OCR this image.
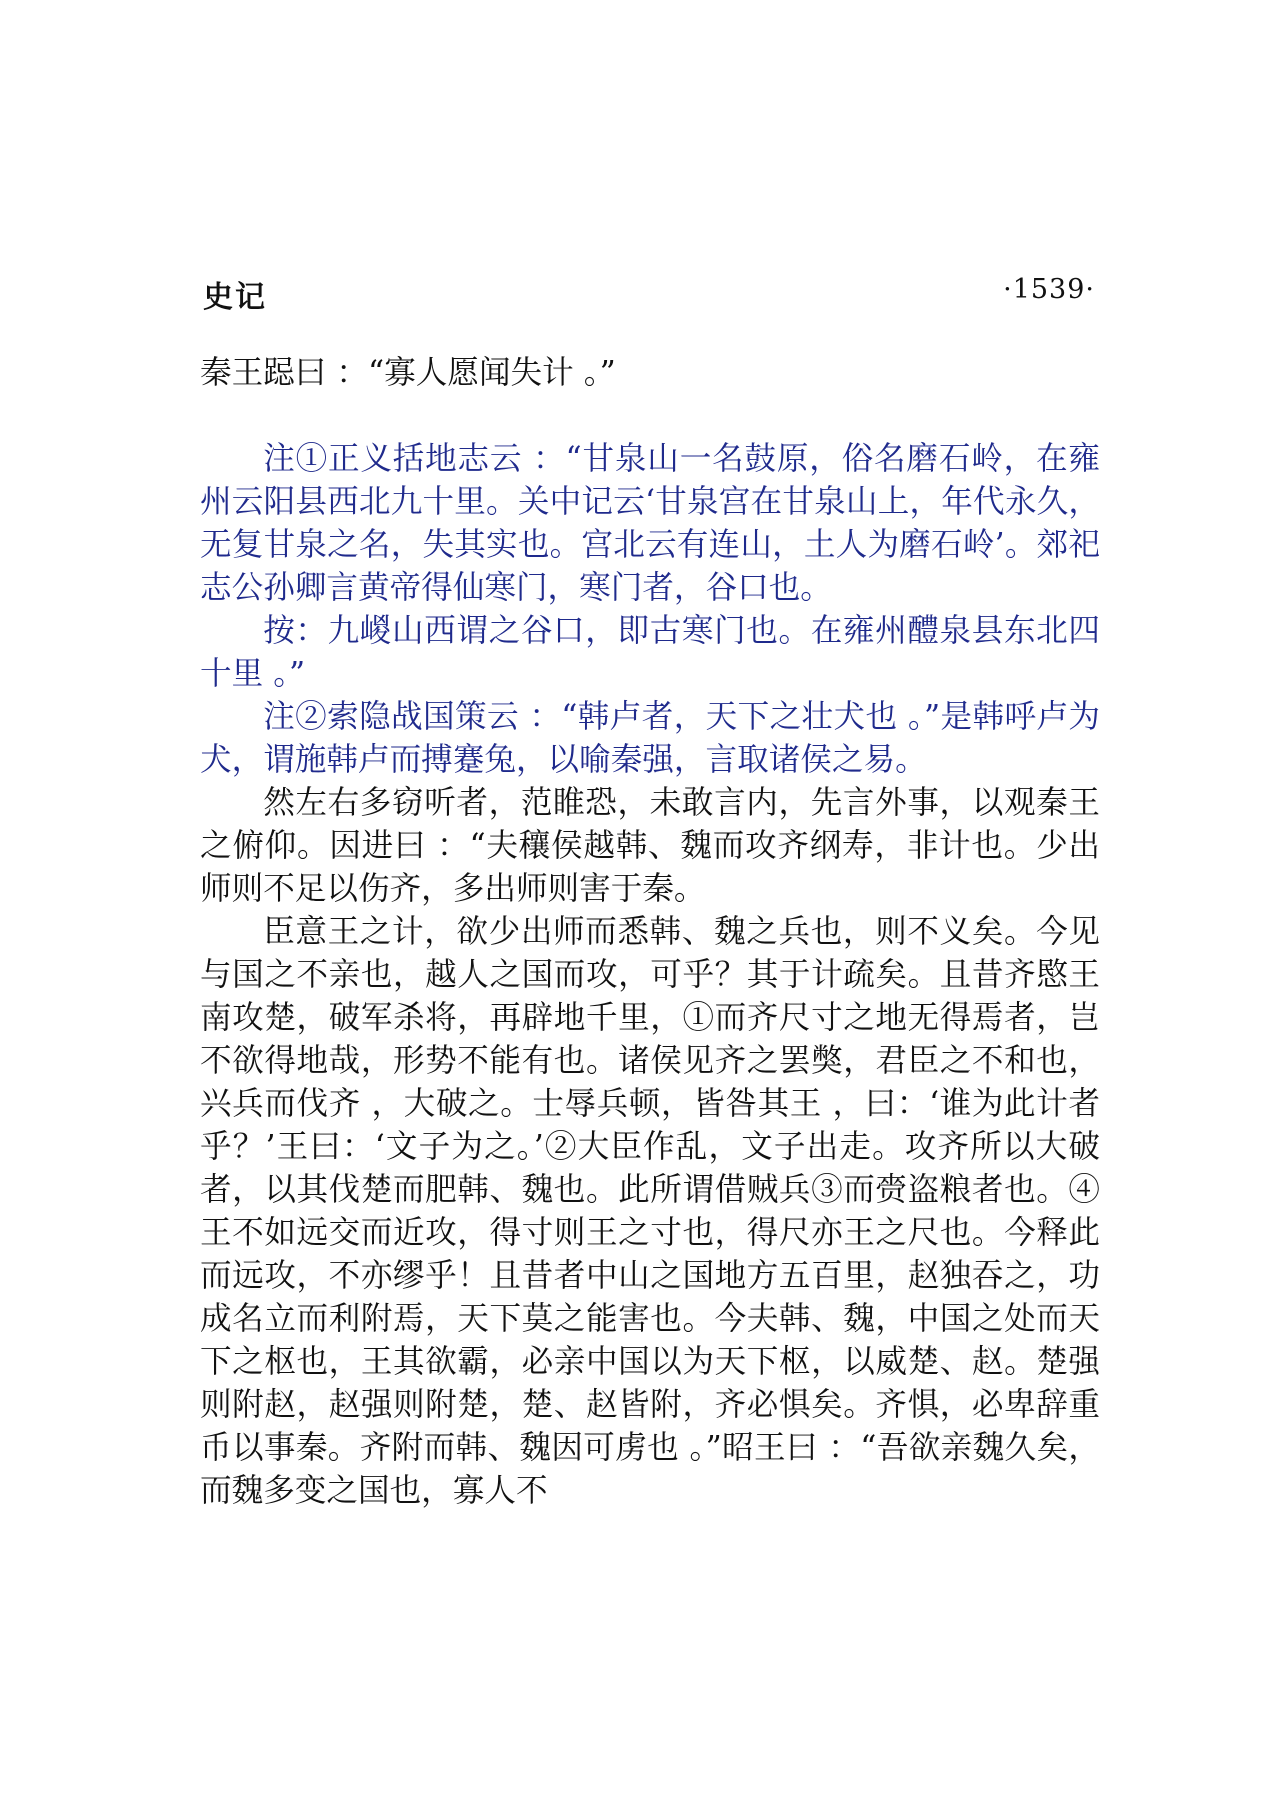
史记	·1539·

秦王跽曰 ：“寡人愿闻失计 。”

注①正义括地志云 ：“甘泉山一名鼓原，俗名磨石岭，在雍州云阳县西北九十里。关中记云‘甘泉宫在甘泉山上，年代永久，无复甘泉之名，失其实也。宫北云有连山，土人为磨石岭’。郊祀志公孙卿言黄帝得仙寒门，寒门者，谷口也。

按：九嵕山西谓之谷口，即古寒门也。在雍州醴泉县东北四十里 。”

注②索隐战国策云 ：“韩卢者，天下之壮犬也 。”是韩呼卢为犬，谓施韩卢而搏蹇兔，以喻秦强，言取诸侯之易。

然左右多窃听者，范睢恐，未敢言内，先言外事，以观秦王之俯仰。因进曰 ：“夫穰侯越韩、魏而攻齐纲寿，非计也。少出师则不足以伤齐，多出师则害于秦。

臣意王之计，欲少出师而悉韩、魏之兵也，则不义矣。今见与国之不亲也，越人之国而攻，可乎？其于计疏矣。且昔齐愍王南攻楚，破军杀将，再辟地千里，①而齐尺寸之地无得焉者，岂不欲得地哉，形势不能有也。诸侯见齐之罢獘，君臣之不和也，兴兵而伐齐 ，大破之。士辱兵顿，皆咎其王 ，曰：‘谁为此计者乎？’王曰：‘文子为之。’②大臣作乱，文子出走。攻齐所以大破者，以其伐楚而肥韩、魏也。此所谓借贼兵③而赍盗粮者也。④王不如远交而近攻，得寸则王之寸也，得尺亦王之尺也。今释此而远攻，不亦缪乎！且昔者中山之国地方五百里，赵独吞之，功成名立而利附焉，天下莫之能害也。今夫韩、魏，中国之处而天下之枢也，王其欲霸，必亲中国以为天下枢，以威楚、赵。楚强则附赵，赵强则附楚，楚、赵皆附，齐必惧矣。齐惧，必卑辞重币以事秦。齐附而韩、魏因可虏也 。”昭王曰 ：“吾欲亲魏久矣，而魏多变之国也，寡人不
